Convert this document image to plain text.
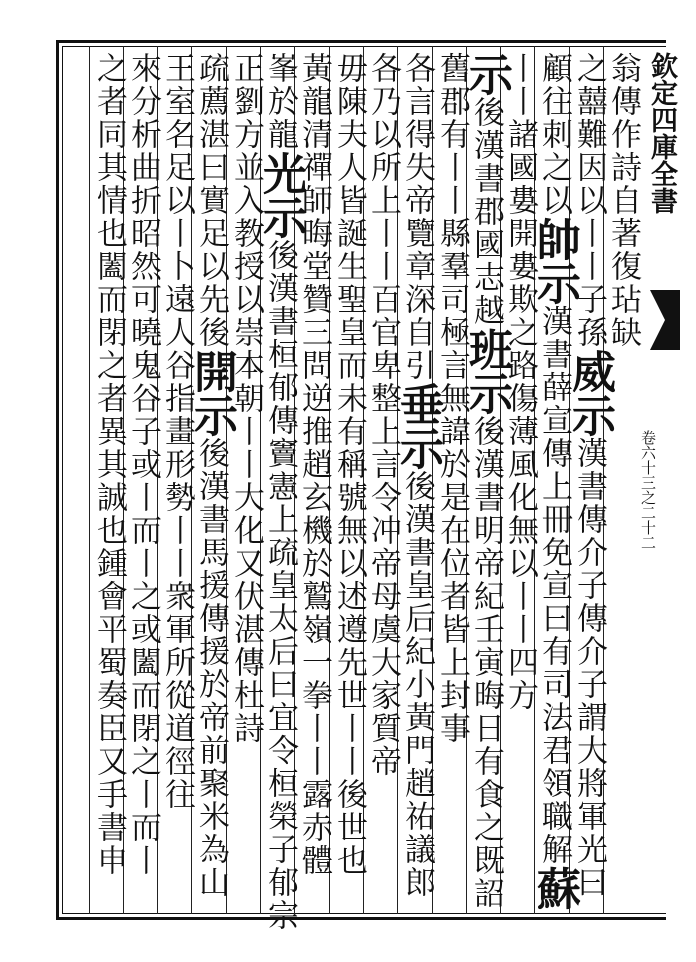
欽定四庫全書
卷六十三之二十二
翁傳作詩自著復玷缺
之囍難因以丨丨子孫威示漢書傳介子傳介子謂大將軍光曰
顧往刺之以帥示漢書薛宣傳上冊免宣曰有司法君領職解蘇
丨丨諸國婁開婁欺之路傷薄風化無以丨丨四方
示後漢書郡國志越班示後漢書明帝紀壬寅晦日有食之既詔
舊郡有丨丨縣羣司極言無諱於是在位者皆上封事
各言得失帝覽章深自引垂示後漢書皇后紀小黃門趙祐議郎
各乃以所上丨丨百官卑整上言令冲帝母虞大家質帝
毋陳夫人皆誕生聖皇而未有稱號無以述遵先世丨丨後世也
黃龍清禪師晦堂贊三問逆推趙玄機於鷲嶺一拳丨丨露赤體
峯於龍光示後漢書桓郁傳竇憲上疏皇太后曰宜令桓榮子郁宗
正劉方並入教授以崇本朝丨丨大化又伏湛傳杜詩
疏薦湛曰實足以先後開示後漢書馬援傳援於帝前聚米為山
王室名足以丨卜遠人谷指畫形勢丨丨衆軍所從道徑往
來分析曲折昭然可曉鬼谷子或丨而丨之或闔而閉之丨而丨
之者同其情也闔而閉之者異其誠也鍾會平蜀奏臣又手書申
